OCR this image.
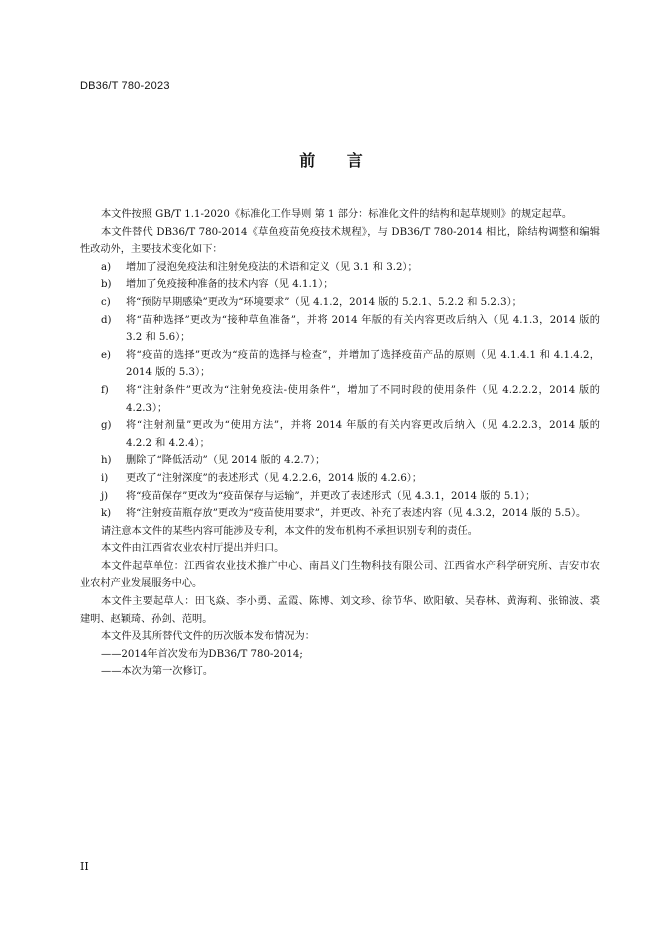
DB36/T 780-2023
前 言

本文件按照 GB/T 1.1-2020《标准化工作导则 第 1 部分：标准化文件的结构和起草规则》的规定起草。

本文件替代 DB36/T 780-2014《草鱼疫苗免疫技术规程》，与 DB36/T 780-2014 相比，除结构调整和编辑性改动外，主要技术变化如下：

a)	增加了浸泡免疫法和注射免疫法的术语和定义（见 3.1 和 3.2）；
b)	增加了免疫接种准备的技术内容（见 4.1.1）；
c)	将“预防早期感染”更改为“环境要求”（见 4.1.2，2014 版的 5.2.1、5.2.2 和 5.2.3）；
d)	将“苗种选择”更改为“接种草鱼准备”，并将 2014 年版的有关内容更改后纳入（见 4.1.3，2014 版的 3.2 和 5.6）；
e)	将“疫苗的选择”更改为“疫苗的选择与检查”，并增加了选择疫苗产品的原则（见 4.1.4.1 和 4.1.4.2，2014 版的 5.3）；
f)	将“注射条件”更改为“注射免疫法-使用条件”，增加了不同时段的使用条件（见 4.2.2.2，2014 版的 4.2.3）；
g)	将“注射剂量”更改为“使用方法”，并将 2014 年版的有关内容更改后纳入（见 4.2.2.3，2014 版的 4.2.2 和 4.2.4）；
h)	删除了“降低活动”（见 2014 版的 4.2.7）；
i)	更改了“注射深度”的表述形式（见 4.2.2.6，2014 版的 4.2.6）；
j)	将“疫苗保存”更改为“疫苗保存与运输”，并更改了表述形式（见 4.3.1，2014 版的 5.1）；
k)	将“注射疫苗瓶存放”更改为“疫苗使用要求”，并更改、补充了表述内容（见 4.3.2，2014 版的 5.5）。

请注意本文件的某些内容可能涉及专利，本文件的发布机构不承担识别专利的责任。

本文件由江西省农业农村厅提出并归口。

本文件起草单位：江西省农业技术推广中心、南昌义门生物科技有限公司、江西省水产科学研究所、吉安市农业农村产业发展服务中心。

本文件主要起草人：田飞焱、李小勇、孟霞、陈博、刘文珍、徐节华、欧阳敏、吴春林、黄海莉、张锦波、裘建明、赵颖琦、孙剑、范明。

本文件及其所替代文件的历次版本发布情况为：

——2014年首次发布为DB36/T 780-2014;

——本次为第一次修订。

II
